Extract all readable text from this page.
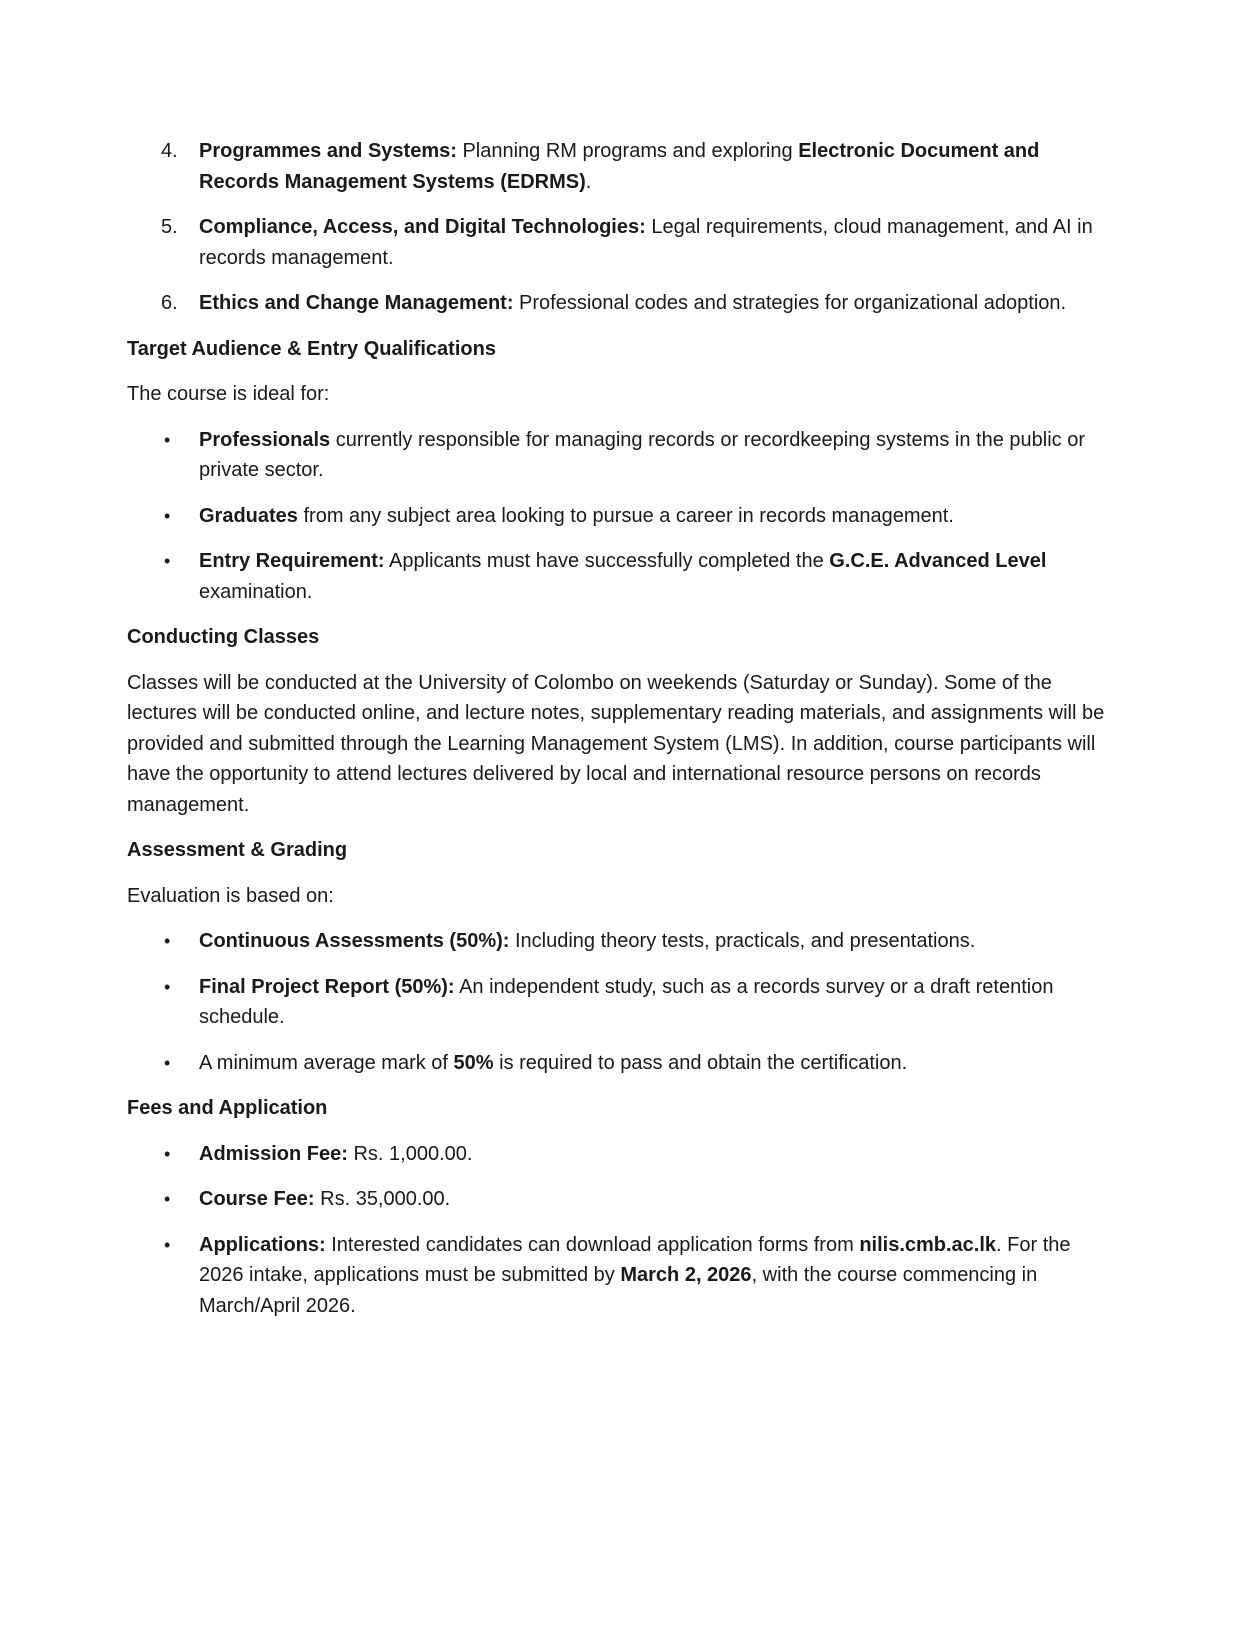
4.	Programmes and Systems: Planning RM programs and exploring Electronic Document and Records Management Systems (EDRMS).
5.	Compliance, Access, and Digital Technologies: Legal requirements, cloud management, and AI in records management.
6.	Ethics and Change Management: Professional codes and strategies for organizational adoption.
Target Audience & Entry Qualifications

The course is ideal for:

•	Professionals currently responsible for managing records or recordkeeping systems in the public or private sector.
•	Graduates from any subject area looking to pursue a career in records management.
•	Entry Requirement: Applicants must have successfully completed the G.C.E. Advanced Level examination.
Conducting Classes

Classes will be conducted at the University of Colombo on weekends (Saturday or Sunday). Some of the lectures will be conducted online, and lecture notes, supplementary reading materials, and assignments will be provided and submitted through the Learning Management System (LMS). In addition, course participants will have the opportunity to attend lectures delivered by local and international resource persons on records management.

Assessment & Grading

Evaluation is based on:

•	Continuous Assessments (50%): Including theory tests, practicals, and presentations.
•	Final Project Report (50%): An independent study, such as a records survey or a draft retention schedule.
•	A minimum average mark of 50% is required to pass and obtain the certification.
Fees and Application
•	Admission Fee: Rs. 1,000.00.
•	Course Fee: Rs. 35,000.00.
•	Applications: Interested candidates can download application forms from nilis.cmb.ac.lk. For the 2026 intake, applications must be submitted by March 2, 2026, with the course commencing in March/April 2026.
